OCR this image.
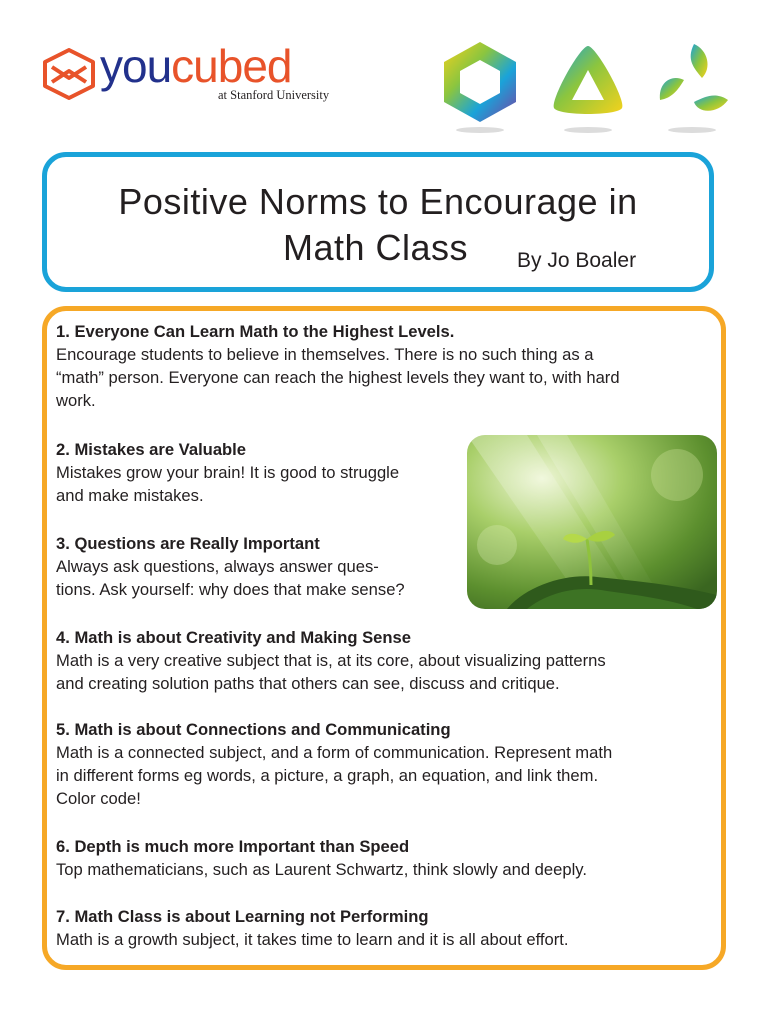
youcubed
at Stanford University
Positive Norms to Encourage in
Math Class By Jo Boaler
1. Everyone Can Learn Math to the Highest Levels.

Encourage students to believe in themselves. There is no such thing as a

“math” person. Everyone can reach the highest levels they want to, with hard

work.

2. Mistakes are Valuable

Mistakes grow your brain! It is good to struggle

and make mistakes.

3. Questions are Really Important

Always ask questions, always answer ques-

tions. Ask yourself: why does that make sense?

4. Math is about Creativity and Making Sense

Math is a very creative subject that is, at its core, about visualizing patterns

and creating solution paths that others can see, discuss and critique.

5. Math is about Connections and Communicating

Math is a connected subject, and a form of communication. Represent math

in different forms eg words, a picture, a graph, an equation, and link them.

Color code!

6. Depth is much more Important than Speed

Top mathematicians, such as Laurent Schwartz, think slowly and deeply.

7. Math Class is about Learning not Performing

Math is a growth subject, it takes time to learn and it is all about effort.
